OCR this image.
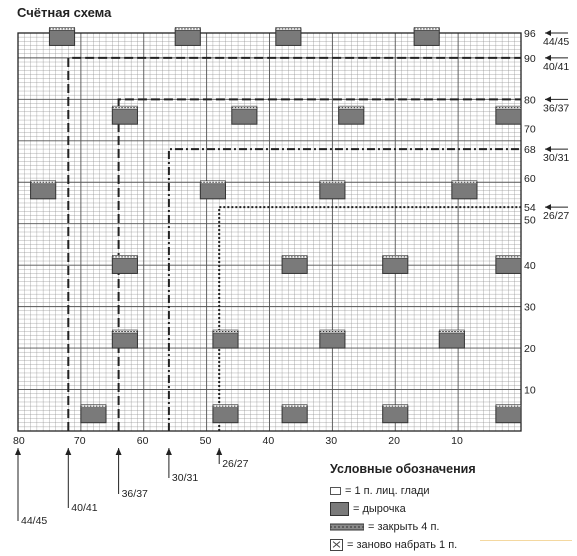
Счётная схема
96
90
80
70
68
60
54
50
40
30
20
10
44/45
40/41
36/37
30/31
26/27
80	70	60	50	40	30	20	10
44/45
40/41
36/37
30/31
26/27	Условные обозначения
= 1 п. лиц. глади
= дырочка
= закрыть 4 п.
= заново набрать 1 п.
